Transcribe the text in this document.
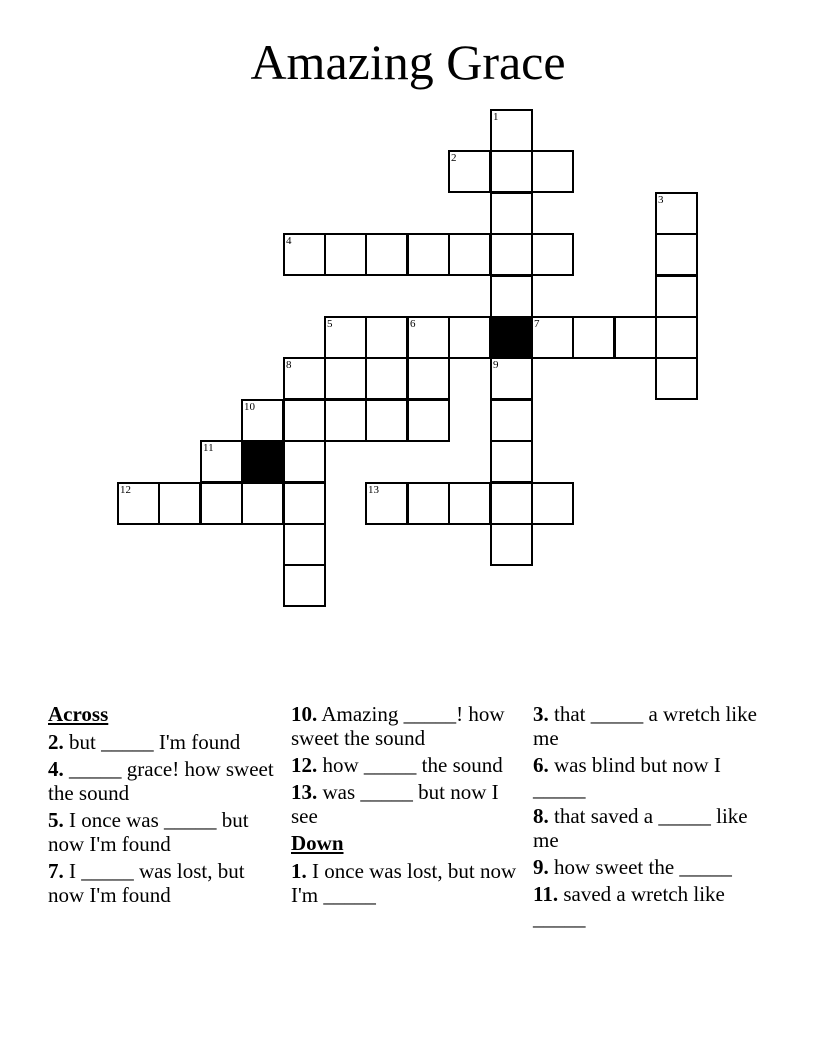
Amazing Grace
1
2
3
4
5	6	7
8	9
10
11
12	13
Across
2. but _____ I'm found
4. _____ grace! how sweet the sound
5. I once was _____ but now I'm found
7. I _____ was lost, but now I'm found
10. Amazing _____! how sweet the sound
12. how _____ the sound
13. was _____ but now I see
Down
1. I once was lost, but now I'm _____
3. that _____ a wretch like me
6. was blind but now I _____
8. that saved a _____ like me
9. how sweet the _____
11. saved a wretch like _____
